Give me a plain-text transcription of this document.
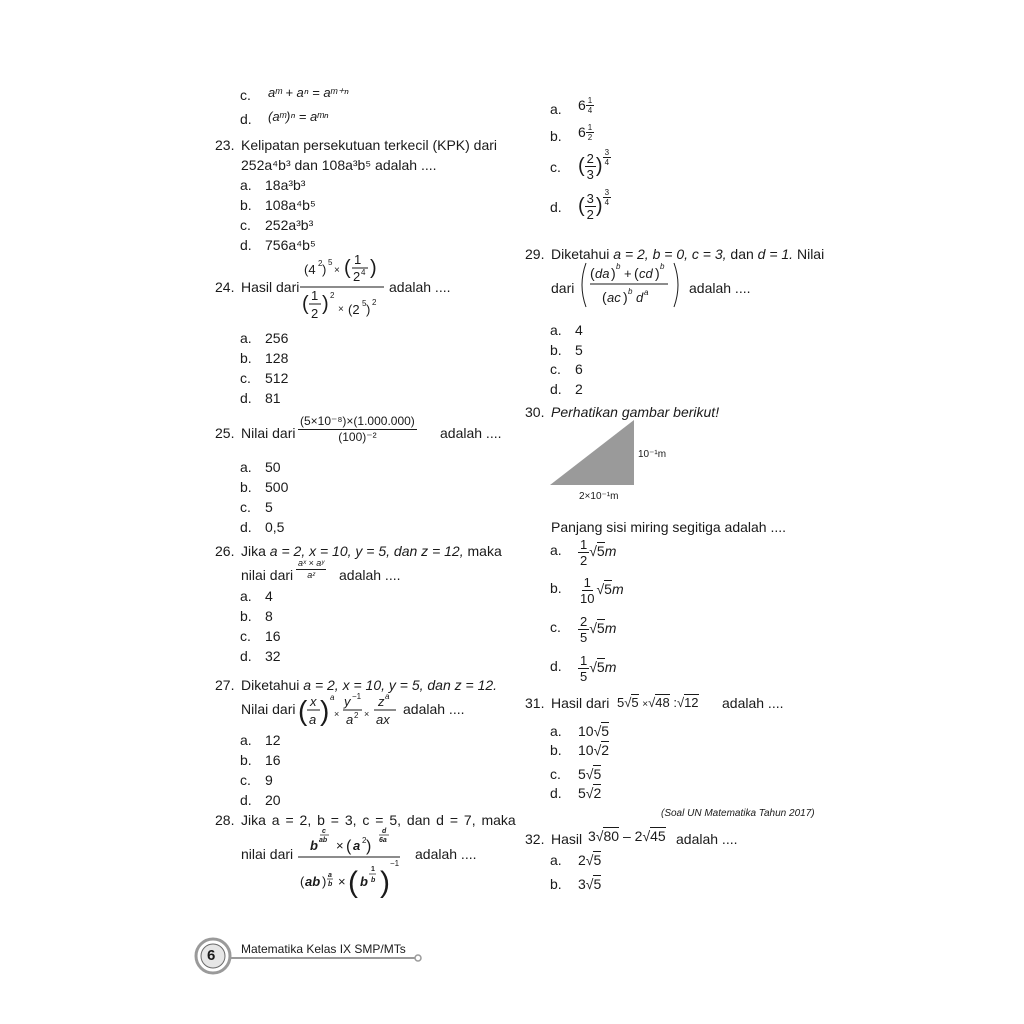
c. aᵐ + aⁿ = aᵐ⁺ⁿ
d. (aᵐ)ⁿ = aᵐⁿ
23. Kelipatan persekutuan terkecil (KPK) dari
252a⁴b³ dan 108a³b⁵ adalah ....
a. 18a³b³
b. 108a⁴b⁵
c. 252a³b³
d. 756a⁴b⁵
24. Hasil dari
(4 2 ) 5
× ( 1
2 4 )
( 1
2 ) 2
× (2 5 ) 2
adalah ....
a. 256
b. 128
c. 512
d. 81
25. Nilai dari $\frac{\text{(5×10⁻⁸)×(1.000.000)}}{\text{(100)⁻²}}$ adalah ....
a. 50
b. 500
c. 5
d. 0,5
26. Jika a = 2, x = 10, y = 5, dan z = 12, maka
nilai dari $\frac{\text{aˣ × aʸ}}{\text{aᶻ}}$ adalah ....
a. 4
b. 8
c. 16
d. 32
27. Diketahui a = 2, x = 10, y = 5, dan z = 12.
Nilai dari ( x
a ) a
×
y −1
a 2 ×
z a
ax
adalah ....
a. 12
b. 16
c. 9
d. 20
28. Jika a = 2, b = 3, c = 5, dan d = 7, maka
nilai dari
b
c
ab × ( a 2 )
d
6a
( ab ) a
b × ( b
1
b )
−1
adalah ....
a. $6 \frac{1}{4}$
b. $6 \frac{1}{2}$
c. ( $\frac{2}{3}$ ) $\frac{3}{4}$
d. ( $\frac{3}{2}$ ) $\frac{3}{4}$
29. Diketahui a = 2, b = 0, c = 3, dan d = 1. Nilai
dari
( da ) b + ( cd ) b
( ac ) b d a	adalah ....
a. 4
b. 5
c. 6
d. 2
30. Perhatikan gambar berikut!
10⁻¹m
2×10⁻¹m
Panjang sisi miring segitiga adalah ....
a. $\frac{1}{2} √5m$
b. $\frac{1}{10} √5m$
c. $\frac{2}{5} √5m$
d. $\frac{1}{5} √5m$
31. Hasil dari 5√5 ×√48 :√12 adalah ....
a. 10√5
b. 10√2
c. 5√5
d. 5√2
(Soal UN Matematika Tahun 2017)
32. Hasil 3√80 – 2√45 adalah ....
a. 2√5
b. 3√5
6 Matematika Kelas IX SMP/MTs
